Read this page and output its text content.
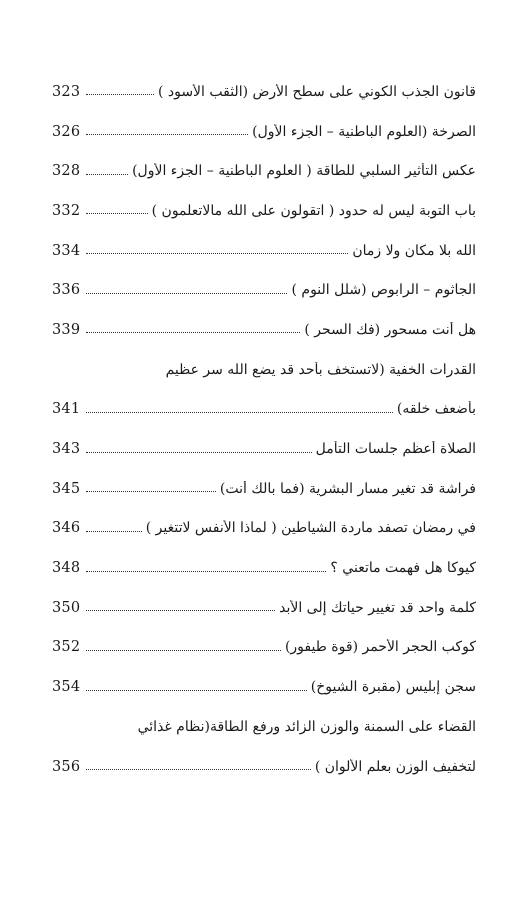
323	قانون الجذب الكوني على سطح الأرض (الثقب الأسود )
326	الصرخة (العلوم الباطنية – الجزء الأول)
328	عكس التأثير السلبي للطاقة ( العلوم الباطنية – الجزء الأول)
332	باب التوبة ليس له حدود ( اتقولون على الله مالاتعلمون )
334	الله بلا مكان ولا زمان
336	الجاثوم – الرابوص (شلل النوم )
339	هل أنت مسحور (فك السحر )
القدرات الخفية (لاتستخف بأحد قد يضع الله سر عظيم
341	بأضعف خلقه)
343	الصلاة أعظم جلسات التأمل
345	فراشة قد تغير مسار البشرية (فما بالك أنت)
346	في رمضان تصفد ماردة الشياطين ( لماذا الأنفس لاتتغير )
348	كيوكا هل فهمت ماتعني ؟
350	كلمة واحد قد تغيير حياتك إلى الأبد
352	كوكب الحجر الأحمر (قوة طيفور)
354	سجن إبليس (مقبرة الشيوخ)
القضاء على السمنة والوزن الزائد ورفع الطاقة(نظام غذائي
356	لتخفيف الوزن بعلم الألوان )
